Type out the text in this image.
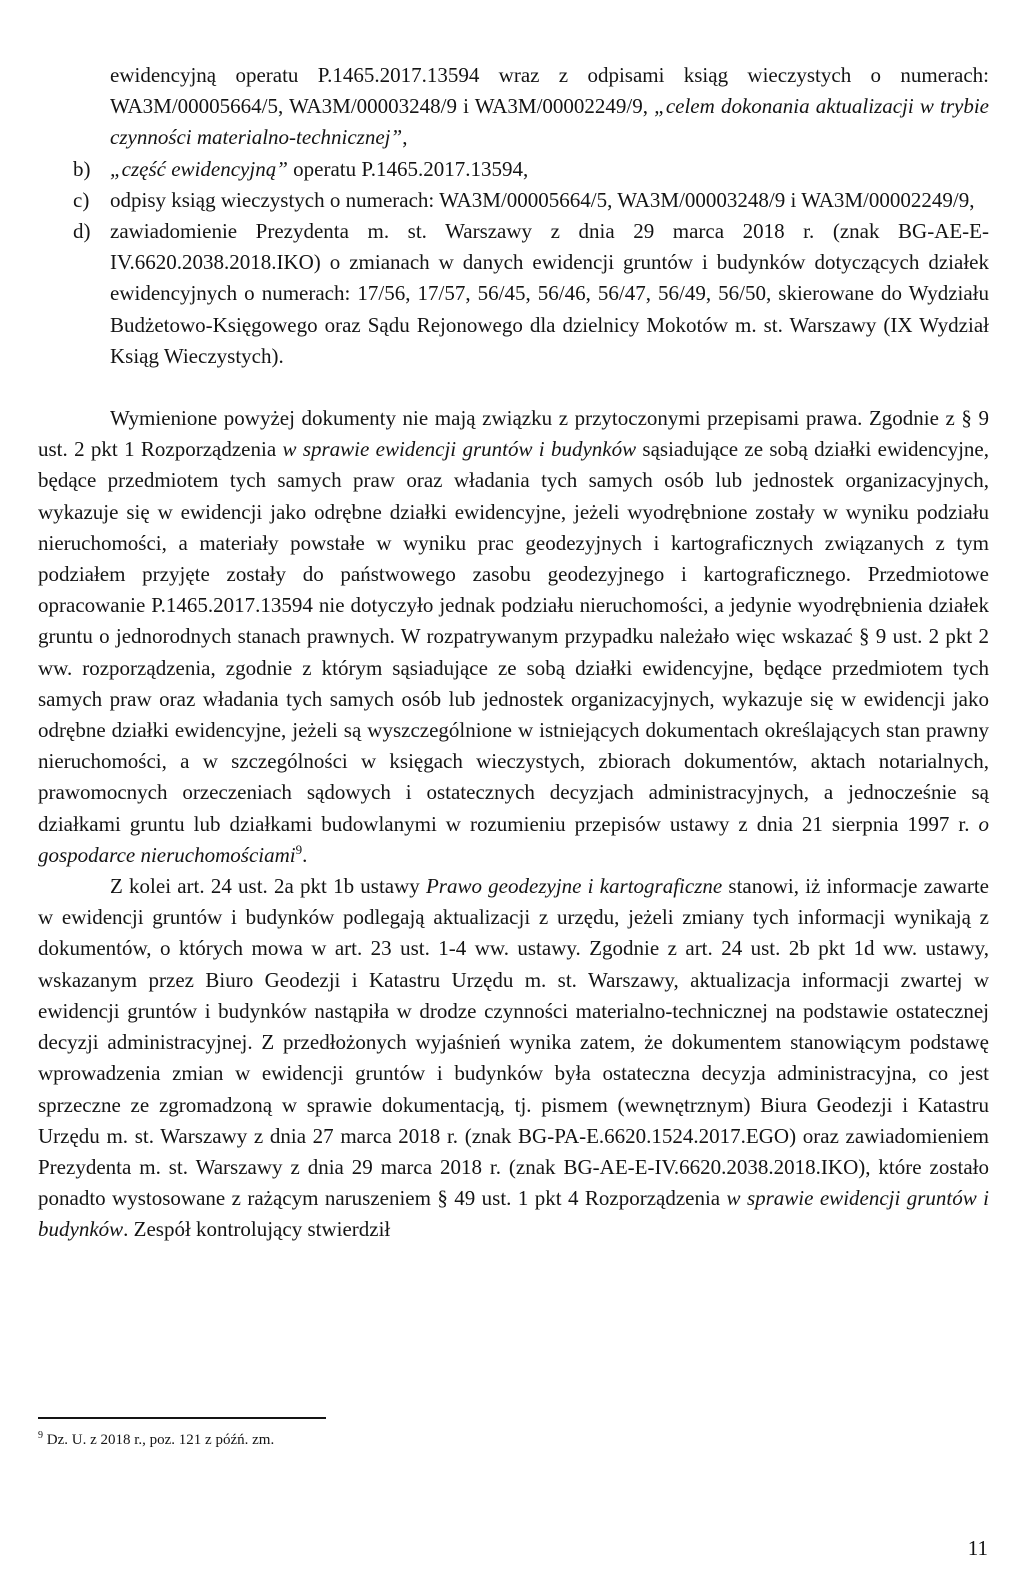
ewidencyjną operatu P.1465.2017.13594 wraz z odpisami ksiąg wieczystych o numerach: WA3M/00005664/5, WA3M/00003248/9 i WA3M/00002249/9, „celem dokonania aktualizacji w trybie czynności materialno-technicznej”,

b) „część ewidencyjną” operatu P.1465.2017.13594,
c) odpisy ksiąg wieczystych o numerach: WA3M/00005664/5, WA3M/00003248/9 i WA3M/00002249/9,
d) zawiadomienie Prezydenta m. st. Warszawy z dnia 29 marca 2018 r. (znak BG-AE-E-IV.6620.2038.2018.IKO) o zmianach w danych ewidencji gruntów i budynków dotyczących działek ewidencyjnych o numerach: 17/56, 17/57, 56/45, 56/46, 56/47, 56/49, 56/50, skierowane do Wydziału Budżetowo-Księgowego oraz Sądu Rejonowego dla dzielnicy Mokotów m. st. Warszawy (IX Wydział Ksiąg Wieczystych).

Wymienione powyżej dokumenty nie mają związku z przytoczonymi przepisami prawa. Zgodnie z § 9 ust. 2 pkt 1 Rozporządzenia w sprawie ewidencji gruntów i budynków sąsiadujące ze sobą działki ewidencyjne, będące przedmiotem tych samych praw oraz władania tych samych osób lub jednostek organizacyjnych, wykazuje się w ewidencji jako odrębne działki ewidencyjne, jeżeli wyodrębnione zostały w wyniku podziału nieruchomości, a materiały powstałe w wyniku prac geodezyjnych i kartograficznych związanych z tym podziałem przyjęte zostały do państwowego zasobu geodezyjnego i kartograficznego. Przedmiotowe opracowanie P.1465.2017.13594 nie dotyczyło jednak podziału nieruchomości, a jedynie wyodrębnienia działek gruntu o jednorodnych stanach prawnych. W rozpatrywanym przypadku należało więc wskazać § 9 ust. 2 pkt 2 ww. rozporządzenia, zgodnie z którym sąsiadujące ze sobą działki ewidencyjne, będące przedmiotem tych samych praw oraz władania tych samych osób lub jednostek organizacyjnych, wykazuje się w ewidencji jako odrębne działki ewidencyjne, jeżeli są wyszczególnione w istniejących dokumentach określających stan prawny nieruchomości, a w szczególności w księgach wieczystych, zbiorach dokumentów, aktach notarialnych, prawomocnych orzeczeniach sądowych i ostatecznych decyzjach administracyjnych, a jednocześnie są działkami gruntu lub działkami budowlanymi w rozumieniu przepisów ustawy z dnia 21 sierpnia 1997 r. o gospodarce nieruchomościami$^9$.

Z kolei art. 24 ust. 2a pkt 1b ustawy Prawo geodezyjne i kartograficzne stanowi, iż informacje zawarte w ewidencji gruntów i budynków podlegają aktualizacji z urzędu, jeżeli zmiany tych informacji wynikają z dokumentów, o których mowa w art. 23 ust. 1-4 ww. ustawy. Zgodnie z art. 24 ust. 2b pkt 1d ww. ustawy, wskazanym przez Biuro Geodezji i Katastru Urzędu m. st. Warszawy, aktualizacja informacji zwartej w ewidencji gruntów i budynków nastąpiła w drodze czynności materialno-technicznej na podstawie ostatecznej decyzji administracyjnej. Z przedłożonych wyjaśnień wynika zatem, że dokumentem stanowiącym podstawę wprowadzenia zmian w ewidencji gruntów i budynków była ostateczna decyzja administracyjna, co jest sprzeczne ze zgromadzoną w sprawie dokumentacją, tj. pismem (wewnętrznym) Biura Geodezji i Katastru Urzędu m. st. Warszawy z dnia 27 marca 2018 r. (znak BG-PA-E.6620.1524.2017.EGO) oraz zawiadomieniem Prezydenta m. st. Warszawy z dnia 29 marca 2018 r. (znak BG-AE-E-IV.6620.2038.2018.IKO), które zostało ponadto wystosowane z rażącym naruszeniem § 49 ust. 1 pkt 4 Rozporządzenia w sprawie ewidencji gruntów i budynków. Zespół kontrolujący stwierdził

$^9$ Dz. U. z 2018 r., poz. 121 z późń. zm.
11
